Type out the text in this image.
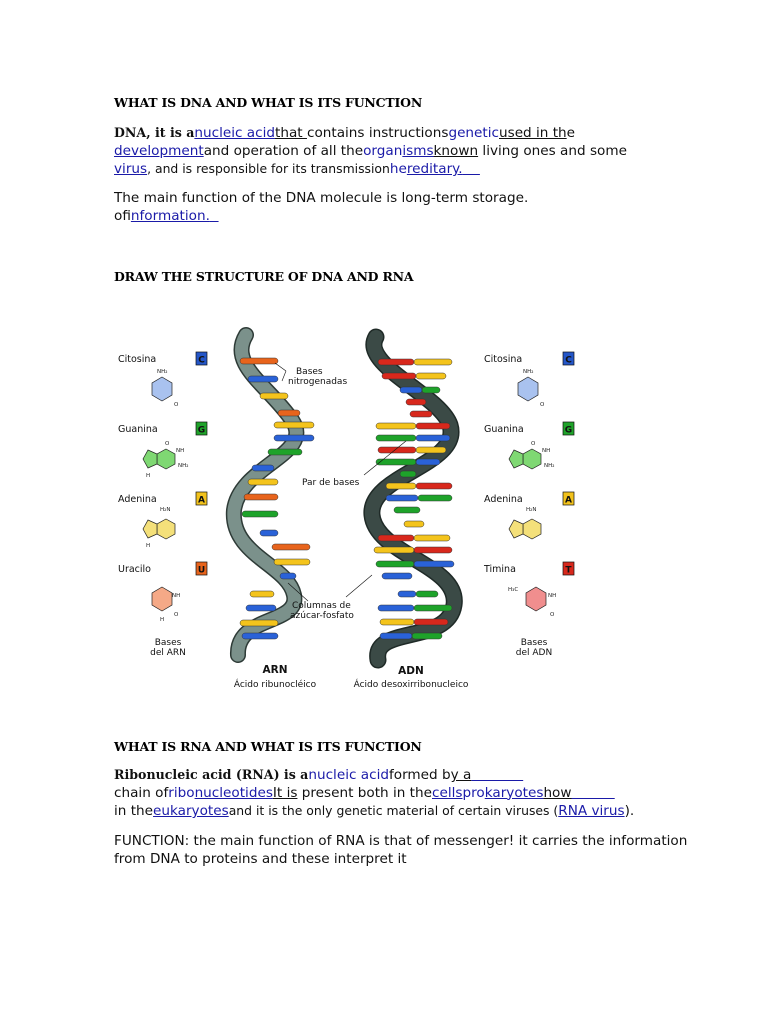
WHAT IS DNA AND WHAT IS ITS FUNCTION
DNA, it is anucleic acidthat contains instructionsgeneticused in the
developmentand operation of all theorganismsknown living ones and some
virus, and is responsible for its transmissionhereditary.
The main function of the DNA molecule is long-term storage.
ofinformation.
DRAW THE STRUCTURE OF DNA AND RNA
Citosina	C
Guanina	G
Adenina	A
Uracilo	U
NH₂
O
NH
NH₂
O
H
H₂N
H
NH
O
H
Bases
del ARN
Bases
nitrogenadas
Par de bases
Columnas de
azúcar-fosfato
ARN
Ácido ribunocléico
ADN
Ácido desoxirribonucleico
Citosina	C
Guanina	G
Adenina	A
Timina	T
NH₂
O
NH
NH₂
O
H₂N
H₃C
NH
O
Bases
del ADN
WHAT IS RNA AND WHAT IS ITS FUNCTION
Ribonucleic acid (RNA) is anucleic acidformed by a
chain ofribonucleotidesIt is present both in thecellsprokaryoteshow
in theeukaryotesand it is the only genetic material of certain viruses (RNA virus).
FUNCTION: the main function of RNA is that of messenger! it carries the information
from DNA to proteins and these interpret it
